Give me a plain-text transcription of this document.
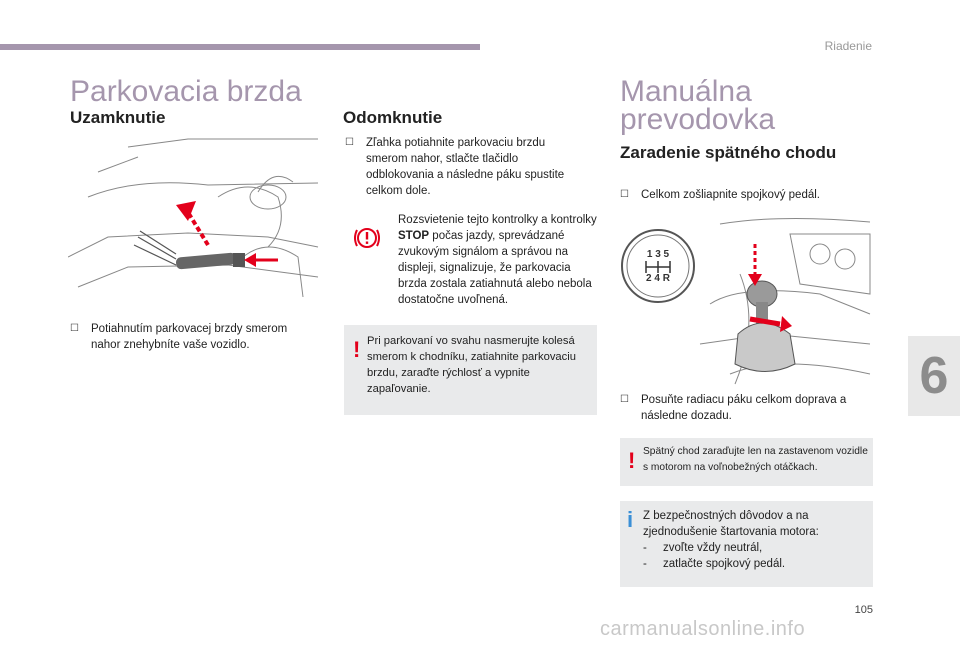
Riadenie
6
Parkovacia brzda
Uzamknutie
☐	Potiahnutím parkovacej brzdy smerom nahor znehybníte vaše vozidlo.
Odomknutie
☐	Zľahka potiahnite parkovaciu brzdu smerom nahor, stlačte tlačidlo odblokovania a následne páku spustite celkom dole.
Rozsvietenie tejto kontrolky a kontrolky STOP počas jazdy, sprevádzané zvukovým signálom a správou na displeji, signalizuje, že parkovacia brzda zostala zatiahnutá alebo nebola dostatočne uvoľnená.
! Pri parkovaní vo svahu nasmerujte kolesá smerom k chodníku, zatiahnite parkovaciu brzdu, zaraďte rýchlosť a vypnite zapaľovanie.
Manuálna
prevodovka
Zaradenie spätného chodu
☐	Celkom zošliapnite spojkový pedál.
1 3 5
2 4 R
☐	Posuňte radiacu páku celkom doprava a následne dozadu.
! Spätný chod zaraďujte len na zastavenom vozidle s motorom na voľnobežných otáčkach.
i Z bezpečnostných dôvodov a na zjednodušenie štartovania motora:
-	zvoľte vždy neutrál,
-	zatlačte spojkový pedál.
105
carmanualsonline.info
